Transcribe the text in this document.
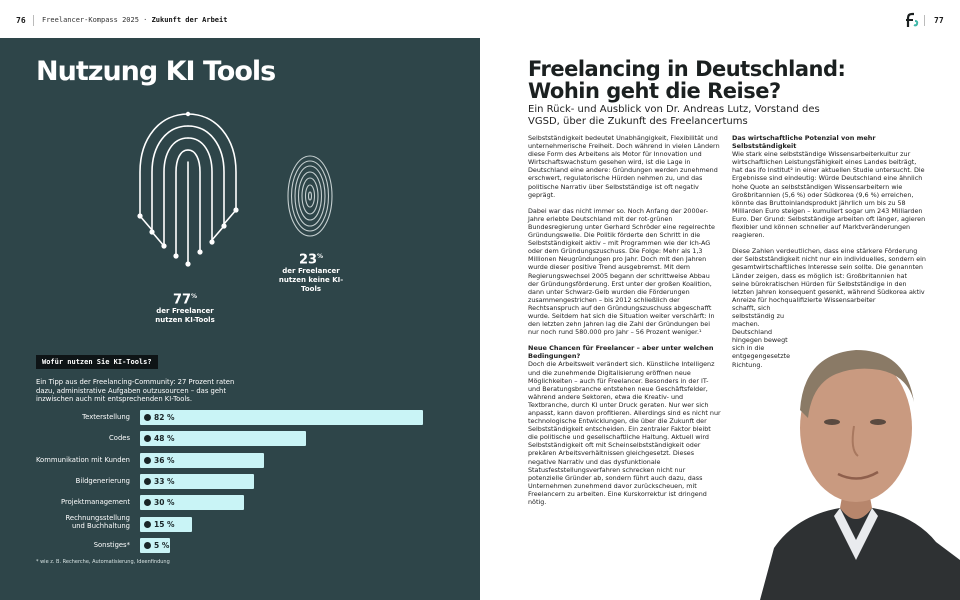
76 Freelancer-Kompass 2025 · Zukunft der Arbeit	77
Nutzung KI Tools
77%
der Freelancer nutzen KI-Tools
23%
der Freelancer nutzen keine KI-Tools
Wofür nutzen Sie KI-Tools?
Ein Tipp aus der Freelancing-Community: 27 Prozent raten dazu, administrative Aufgaben outzusourcen – das geht inzwischen auch mit entsprechenden KI-Tools.
Texterstellung	82 %
Codes	48 %
Kommunikation mit Kunden	36 %
Bildgenerierung	33 %
Projektmanagement	30 %
Rechnungsstellung
und Buchhaltung	15 %
Sonstiges*	5 %
* wie z. B. Recherche, Automatisierung, Ideenfindung
Freelancing in Deutschland:
Wohin geht die Reise?
Ein Rück- und Ausblick von Dr. Andreas Lutz, Vorstand des VGSD, über die Zukunft des Freelancertums

Selbstständigkeit bedeutet Unabhängigkeit, Flexibilität und unternehmerische Freiheit. Doch während in vielen Ländern diese Form des Arbeitens als Motor für Innovation und Wirtschaftswachstum gesehen wird, ist die Lage in Deutschland eine andere: Gründungen werden zunehmend erschwert, regulatorische Hürden nehmen zu, und das politische Narrativ über Selbstständige ist oft negativ geprägt.

Dabei war das nicht immer so. Noch Anfang der 2000er-Jahre erlebte Deutschland mit der rot-grünen Bundesregierung unter Gerhard Schröder eine regelrechte Gründungswelle. Die Politik förderte den Schritt in die Selbstständigkeit aktiv – mit Programmen wie der Ich-AG oder dem Gründungszuschuss. Die Folge: Mehr als 1,3 Millionen Neugründungen pro Jahr. Doch mit den Jahren wurde dieser positive Trend ausgebremst. Mit dem Regierungswechsel 2005 begann der schrittweise Abbau der Gründungsförderung. Erst unter der großen Koalition, dann unter Schwarz-Gelb wurden die Förderungen zusammengestrichen – bis 2012 schließlich der Rechtsanspruch auf den Gründungszuschuss abgeschafft wurde. Seitdem hat sich die Situation weiter verschärft: In den letzten zehn Jahren lag die Zahl der Gründungen bei nur noch rund 580.000 pro Jahr – 56 Prozent weniger.¹

Neue Chancen für Freelancer – aber unter welchen Bedingungen?

Doch die Arbeitswelt verändert sich. Künstliche Intelligenz und die zunehmende Digitalisierung eröffnen neue Möglichkeiten – auch für Freelancer. Besonders in der IT- und Beratungsbranche entstehen neue Geschäftsfelder, während andere Sektoren, etwa die Kreativ- und Textbranche, durch KI unter Druck geraten. Nur wer sich anpasst, kann davon profitieren. Allerdings sind es nicht nur technologische Entwicklungen, die über die Zukunft der Selbstständigkeit entscheiden. Ein zentraler Faktor bleibt die politische und gesellschaftliche Haltung. Aktuell wird Selbstständigkeit oft mit Scheinselbstständigkeit oder prekären Arbeitsverhältnissen gleichgesetzt. Dieses negative Narrativ und das dysfunktionale Statusfeststellungsverfahren schrecken nicht nur potenzielle Gründer ab, sondern führt auch dazu, dass Unternehmen zunehmend davor zurückscheuen, mit Freelancern zu arbeiten. Eine Kurskorrektur ist dringend nötig.

Das wirtschaftliche Potenzial von mehr Selbstständigkeit

Wie stark eine selbstständige Wissensarbeiterkultur zur wirtschaftlichen Leistungsfähigkeit eines Landes beiträgt, hat das ifo Institut² in einer aktuellen Studie untersucht. Die Ergebnisse sind eindeutig: Würde Deutschland eine ähnlich hohe Quote an selbstständigen Wissensarbeitern wie Großbritannien (5,6 %) oder Südkorea (9,6 %) erreichen, könnte das Bruttoinlandsprodukt jährlich um bis zu 58 Milliarden Euro steigen – kumuliert sogar um 243 Milliarden Euro. Der Grund: Selbstständige arbeiten oft länger, agieren flexibler und können schneller auf Marktveränderungen reagieren.

Diese Zahlen verdeutlichen, dass eine stärkere Förderung der Selbstständigkeit nicht nur ein individuelles, sondern ein gesamtwirtschaftliches Interesse sein sollte. Die genannten Länder zeigen, dass es möglich ist: Großbritannien hat seine bürokratischen Hürden für Selbstständige in den letzten Jahren konsequent gesenkt, während Südkorea aktiv Anreize für hochqualifizierte Wissensarbeiter

schafft, sich selbstständig zu machen. Deutschland hingegen bewegt sich in die entgegengesetzte Richtung.
